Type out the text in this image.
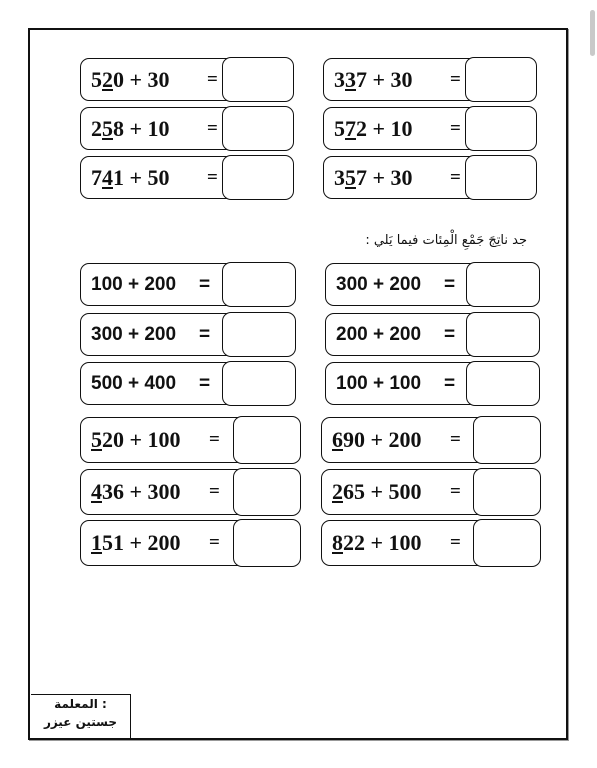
جد ناتِجَ جَمْعِ الْمِئات فيما يَلي :
5 2 0 + 30 =	3 3 7 + 30 =
2 5 8 + 10 =	5 7 2 + 10 =
7 4 1 + 50 =	3 5 7 + 30 =
100 + 200 =	300 + 200 =
300 + 200 =	200 + 200 =
500 + 400 =	100 + 100 =
5 2 0 + 100 =	6 9 0 + 200 =
4 3 6 + 300 =	2 6 5 + 500 =
1 5 1 + 200 =	8 2 2 + 100 =
المعلمة :
جستين عيزر
